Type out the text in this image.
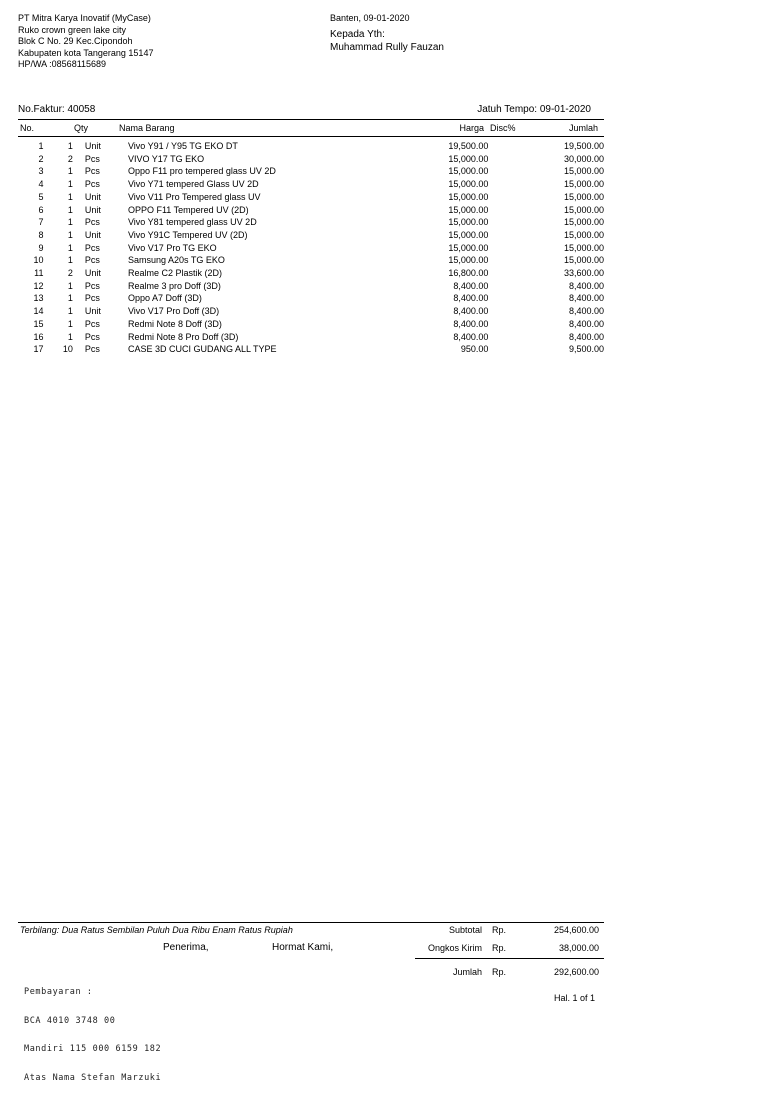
PT Mitra Karya Inovatif (MyCase)
Ruko crown green lake city
Blok C No. 29 Kec.Cipondoh
Kabupaten kota Tangerang 15147
HP/WA :08568115689
Banten, 09-01-2020
Kepada Yth:
Muhammad Rully Fauzan
No.Faktur: 40058	Jatuh Tempo: 09-01-2020
No.	Qty	Nama Barang	Harga Disc%	Jumlah
1	1	Unit	Vivo Y91 / Y95 TG EKO DT	19,500.00		19,500.00
2	2	Pcs	VIVO Y17 TG EKO	15,000.00		30,000.00
3	1	Pcs	Oppo F11 pro tempered glass UV 2D	15,000.00		15,000.00
4	1	Pcs	Vivo Y71 tempered Glass UV 2D	15,000.00		15,000.00
5	1	Unit	Vivo V11 Pro Tempered glass UV	15,000.00		15,000.00
6	1	Unit	OPPO F11 Tempered UV (2D)	15,000.00		15,000.00
7	1	Pcs	Vivo Y81 tempered glass UV 2D	15,000.00		15,000.00
8	1	Unit	Vivo Y91C Tempered UV (2D)	15,000.00		15,000.00
9	1	Pcs	Vivo V17 Pro TG EKO	15,000.00		15,000.00
10	1	Pcs	Samsung A20s TG EKO	15,000.00		15,000.00
11	2	Unit	Realme C2 Plastik (2D)	16,800.00		33,600.00
12	1	Pcs	Realme 3 pro Doff (3D)	8,400.00		8,400.00
13	1	Pcs	Oppo A7 Doff (3D)	8,400.00		8,400.00
14	1	Unit	Vivo V17 Pro Doff (3D)	8,400.00		8,400.00
15	1	Pcs	Redmi Note 8 Doff (3D)	8,400.00		8,400.00
16	1	Pcs	Redmi Note 8 Pro Doff (3D)	8,400.00		8,400.00
17	10	Pcs	CASE 3D CUCI GUDANG ALL TYPE	950.00		9,500.00
Terbilang: Dua Ratus Sembilan Puluh Dua Ribu Enam Ratus Rupiah
Penerima,	Hormat Kami,
Subtotal Rp.	254,600.00
Ongkos Kirim Rp.	38,000.00
Jumlah Rp.	292,600.00
Hal. 1 of 1

Pembayaran :

BCA 4010 3748 00

Mandiri 115 000 6159 182

Atas Nama Stefan Marzuki
